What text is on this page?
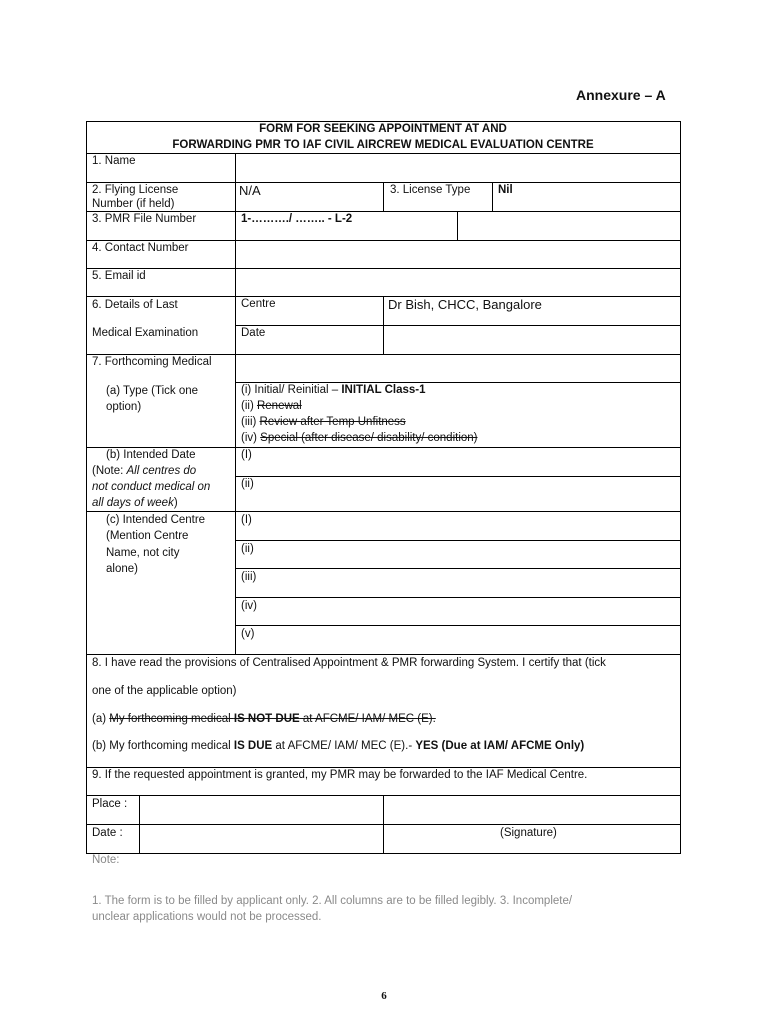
Annexure – A
FORM FOR SEEKING APPOINTMENT AT AND
FORWARDING PMR TO IAF CIVIL AIRCREW MEDICAL EVALUATION CENTRE
1. Name
2. Flying License
Number (if held)
N/A	3. License Type Nil
3. PMR File Number	1-………./ …….. - L-2
4. Contact Number
5. Email id
6. Details of Last
Medical Examination
Centre	Dr Bish, CHCC, Bangalore
Date
7. Forthcoming Medical
(a) Type (Tick one
option)
(i) Initial/ Reinitial – INITIAL Class-1
(ii) Renewal
(iii) Review after Temp Unfitness
(iv) Special (after disease/ disability/ condition)
(b) Intended Date
(Note: All centres do
not conduct medical on
all days of week)
(I)
(ii)
(c) Intended Centre
(Mention Centre
Name, not city
alone)
(I)
(ii)
(iii)
(iv)
(v)
8. I have read the provisions of Centralised Appointment & PMR forwarding System. I certify that (tick
one of the applicable option)
(a) My forthcoming medical IS NOT DUE at AFCME/ IAM/ MEC (E).
(b) My forthcoming medical IS DUE at AFCME/ IAM/ MEC (E).- YES (Due at IAM/ AFCME Only)
9. If the requested appointment is granted, my PMR may be forwarded to the IAF Medical Centre.
Place :
Date :	(Signature)
Note:
1. The form is to be filled by applicant only. 2. All columns are to be filled legibly. 3. Incomplete/
unclear applications would not be processed.
6
